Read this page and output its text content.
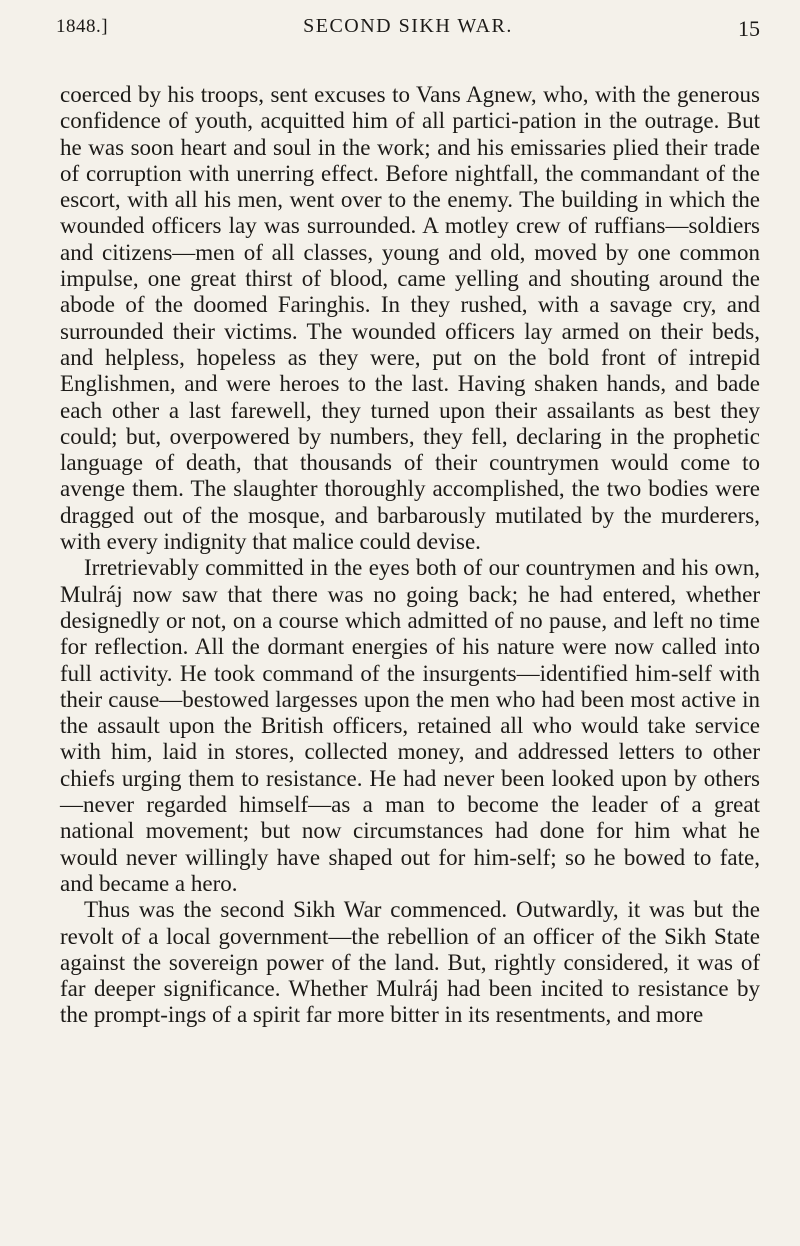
1848.]	SECOND SIKH WAR.	15

coerced by his troops, sent excuses to Vans Agnew, who, with the generous confidence of youth, acquitted him of all partici-pation in the outrage. But he was soon heart and soul in the work; and his emissaries plied their trade of corruption with unerring effect. Before nightfall, the commandant of the escort, with all his men, went over to the enemy. The building in which the wounded officers lay was surrounded. A motley crew of ruffians—soldiers and citizens—men of all classes, young and old, moved by one common impulse, one great thirst of blood, came yelling and shouting around the abode of the doomed Faringhis. In they rushed, with a savage cry, and surrounded their victims. The wounded officers lay armed on their beds, and helpless, hopeless as they were, put on the bold front of intrepid Englishmen, and were heroes to the last. Having shaken hands, and bade each other a last farewell, they turned upon their assailants as best they could; but, overpowered by numbers, they fell, declaring in the prophetic language of death, that thousands of their countrymen would come to avenge them. The slaughter thoroughly accomplished, the two bodies were dragged out of the mosque, and barbarously mutilated by the murderers, with every indignity that malice could devise.

Irretrievably committed in the eyes both of our countrymen and his own, Mulráj now saw that there was no going back; he had entered, whether designedly or not, on a course which admitted of no pause, and left no time for reflection. All the dormant energies of his nature were now called into full activity. He took command of the insurgents—identified him-self with their cause—bestowed largesses upon the men who had been most active in the assault upon the British officers, retained all who would take service with him, laid in stores, collected money, and addressed letters to other chiefs urging them to resistance. He had never been looked upon by others—never regarded himself—as a man to become the leader of a great national movement; but now circumstances had done for him what he would never willingly have shaped out for him-self; so he bowed to fate, and became a hero.

Thus was the second Sikh War commenced. Outwardly, it was but the revolt of a local government—the rebellion of an officer of the Sikh State against the sovereign power of the land. But, rightly considered, it was of far deeper significance. Whether Mulráj had been incited to resistance by the prompt-ings of a spirit far more bitter in its resentments, and more
